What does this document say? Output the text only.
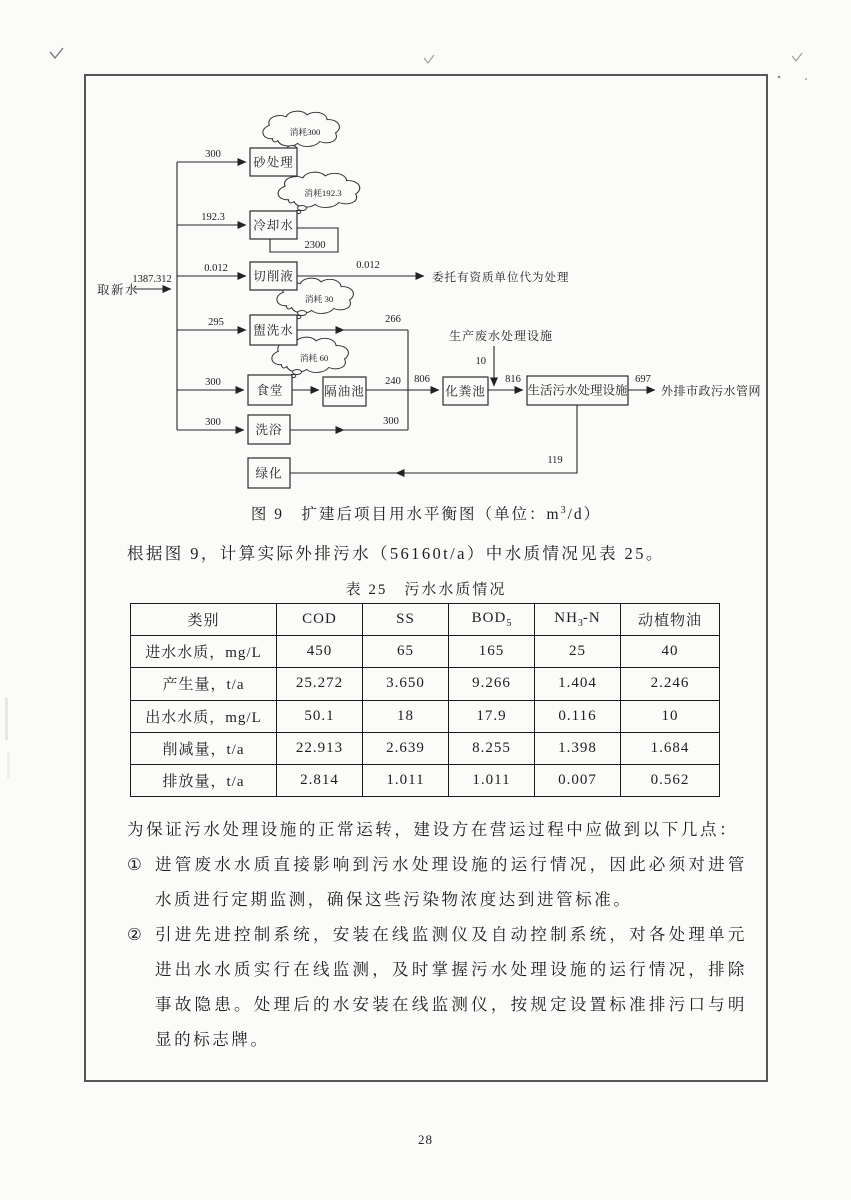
消耗300
消耗192.3
消耗 30
消耗 60
砂处理
冷却水
切削液
盥洗水
食堂	隔油池
洗浴
绿化
化粪池	生活污水处理设施
1387.312
300
192.3
0.012
295
300
300
2300
0.012
266
240
300
806
10
816	697
119
取新水
委托有资质单位代为处理
生产废水处理设施
外排市政污水管网
图 9　扩建后项目用水平衡图（单位：$m^3/d$）
根据图 9，计算实际外排污水（56160t/a）中水质情况见表 25。
表 25　污水水质情况
类别	COD	SS	$BOD_5$	$NH_3-N$	动植物油
进水水质，mg/L	450	65	165	25	40
产生量，t/a	25.272	3.650	9.266	1.404	2.246
出水水质，mg/L	50.1	18	17.9	0.116	10
削减量，t/a	22.913	2.639	8.255	1.398	1.684
排放量，t/a	2.814	1.011	1.011	0.007	0.562
为保证污水处理设施的正常运转，建设方在营运过程中应做到以下几点：
① 进管废水水质直接影响到污水处理设施的运行情况，因此必须对进管水质进行定期监测，确保这些污染物浓度达到进管标准。
② 引进先进控制系统，安装在线监测仪及自动控制系统，对各处理单元进出水水质实行在线监测，及时掌握污水处理设施的运行情况，排除事故隐患。处理后的水安装在线监测仪，按规定设置标准排污口与明显的标志牌。
28
